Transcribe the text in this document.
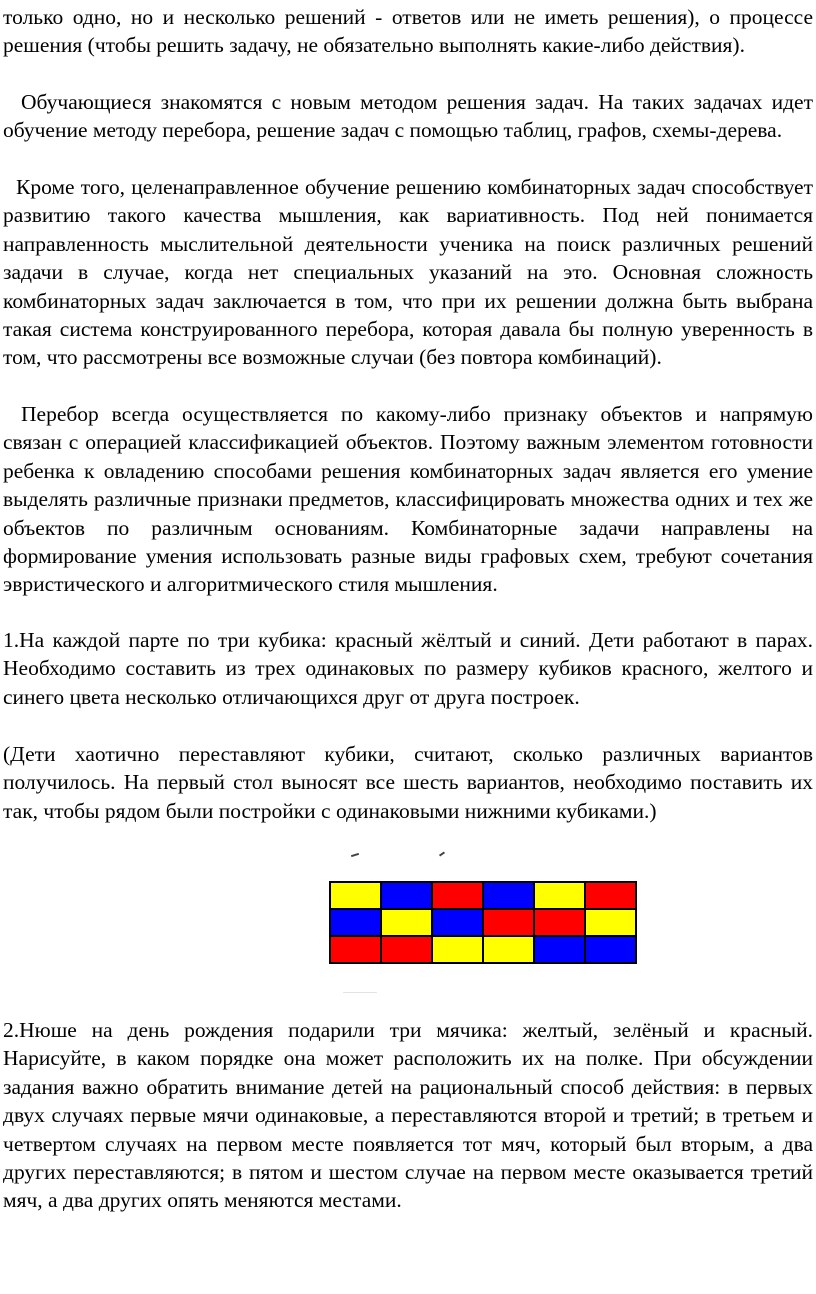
только одно, но и несколько решений - ответов или не иметь решения), о процессе решения (чтобы решить задачу, не обязательно выполнять какие-либо действия).

Обучающиеся знакомятся с новым методом решения задач. На таких задачах идет обучение методу перебора, решение задач с помощью таблиц, графов, схемы-дерева.

Кроме того, целенаправленное обучение решению комбинаторных задач способствует развитию такого качества мышления, как вариативность. Под ней понимается направленность мыслительной деятельности ученика на поиск различных решений задачи в случае, когда нет специальных указаний на это. Основная сложность комбинаторных задач заключается в том, что при их решении должна быть выбрана такая система конструированного перебора, которая давала бы полную уверенность в том, что рассмотрены все возможные случаи (без повтора комбинаций).

Перебор всегда осуществляется по какому-либо признаку объектов и напрямую связан с операцией классификацией объектов. Поэтому важным элементом готовности ребенка к овладению способами решения комбинаторных задач является его умение выделять различные признаки предметов, классифицировать множества одних и тех же объектов по различным основаниям. Комбинаторные задачи направлены на формирование умения использовать разные виды графовых схем, требуют сочетания эвристического и алгоритмического стиля мышления.

1.На каждой парте по три кубика: красный жёлтый и синий. Дети работают в парах. Необходимо составить из трех одинаковых по размеру кубиков красного, желтого и синего цвета несколько отличающихся друг от друга построек.

(Дети хаотично переставляют кубики, считают, сколько различных вариантов получилось. На первый стол выносят все шесть вариантов, необходимо поставить их так, чтобы рядом были постройки с одинаковыми нижними кубиками.)

2.Нюше на день рождения подарили три мячика: желтый, зелёный и красный. Нарисуйте, в каком порядке она может расположить их на полке. При обсуждении задания важно обратить внимание детей на рациональный способ действия: в первых двух случаях первые мячи одинаковые, а переставляются второй и третий; в третьем и четвертом случаях на первом месте появляется тот мяч, который был вторым, а два других переставляются; в пятом и шестом случае на первом месте оказывается третий мяч, а два других опять меняются местами.
